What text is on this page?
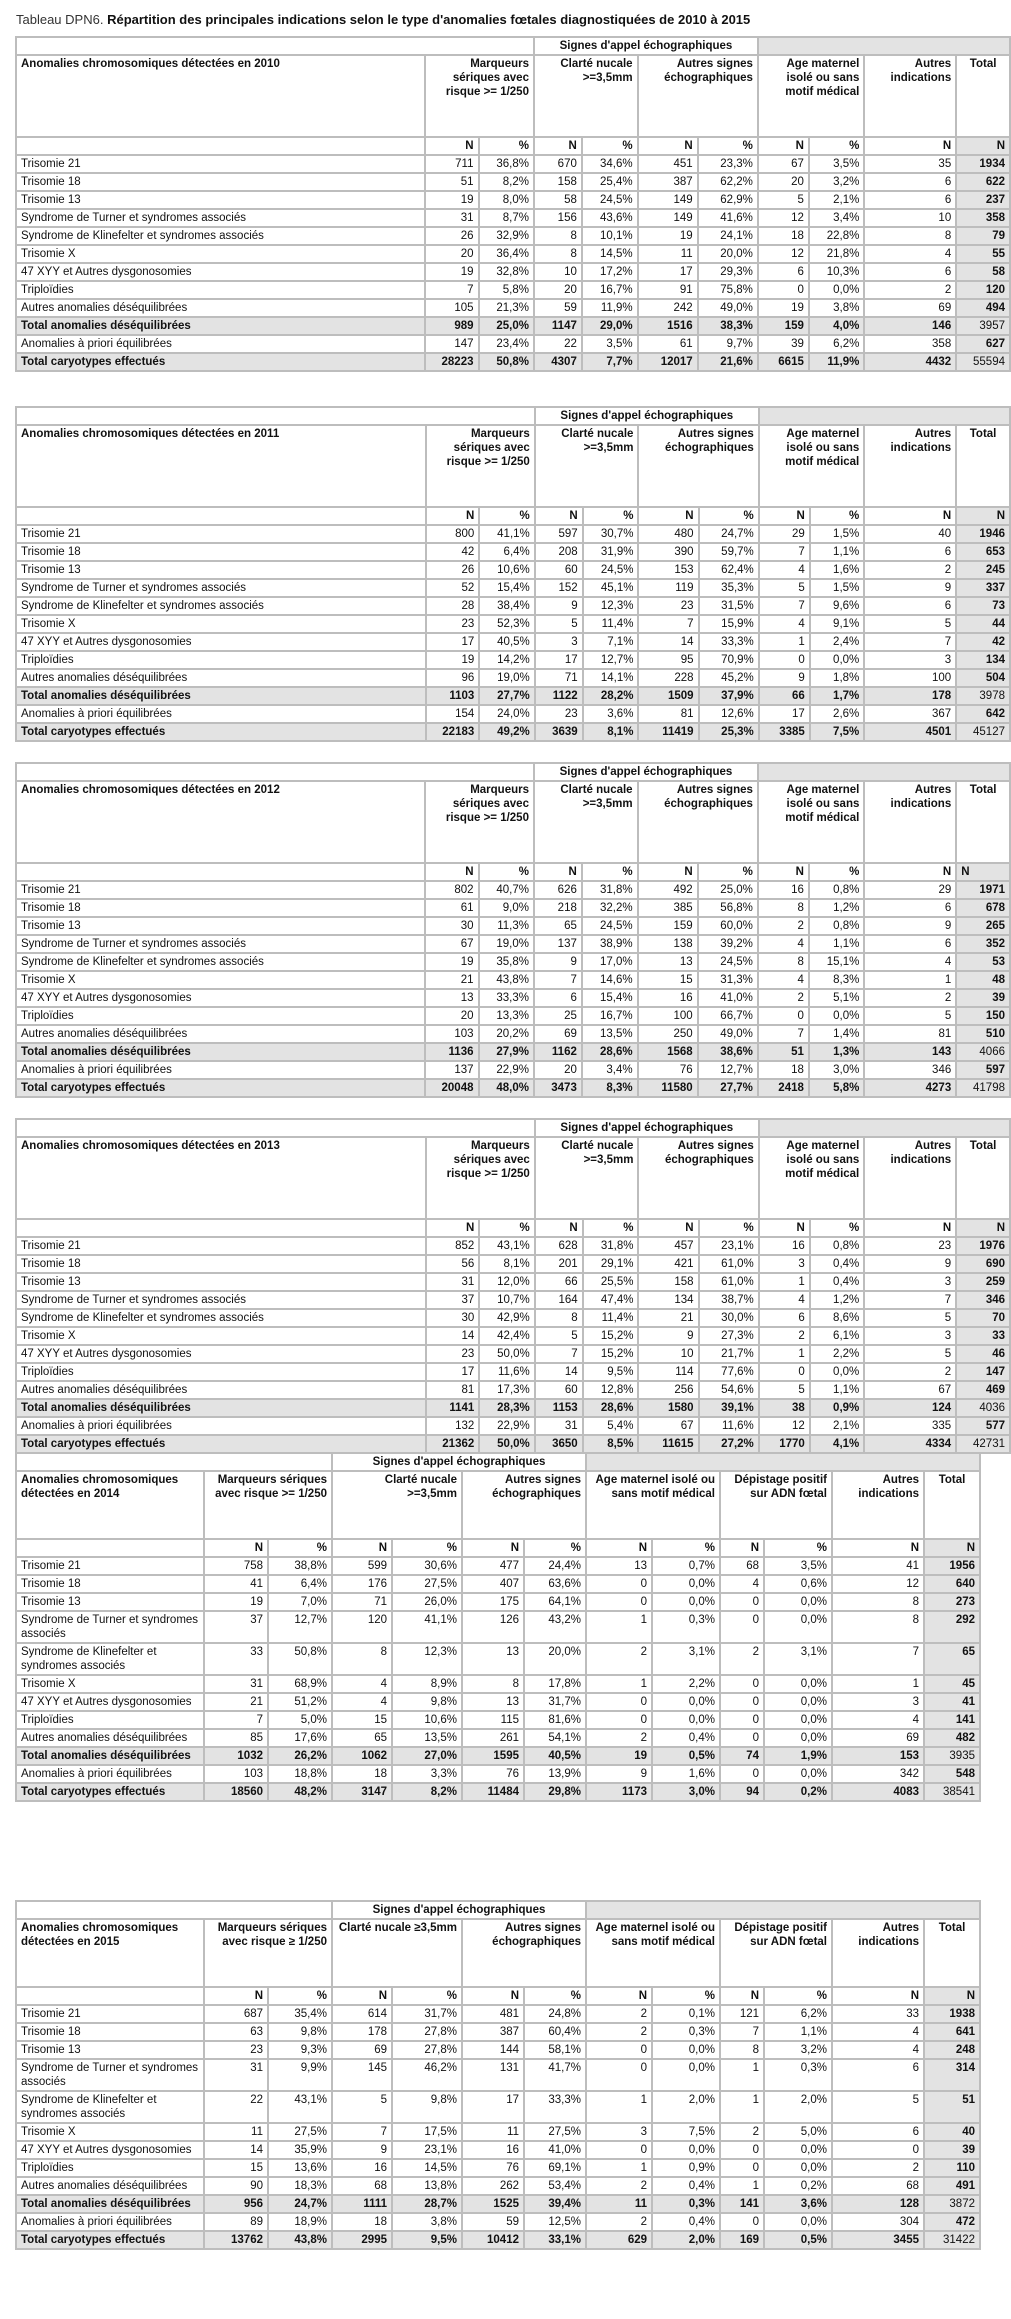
Tableau DPN6. Répartition des principales indications selon le type d'anomalies fœtales diagnostiquées de 2010 à 2015
			Signes d'appel échographiques							
Anomalies chromosomiques détectées en 2010	Marqueurs sériques avec risque >= 1/250		Clarté nucale >=3,5mm		Autres signes échographiques		Age maternel isolé ou sans motif médical		Autres indications	Total
	N	%	N	%	N	%	N	%	N	N
Trisomie 21	711	36,8%	670	34,6%	451	23,3%	67	3,5%	35	1934
Trisomie 18	51	8,2%	158	25,4%	387	62,2%	20	3,2%	6	622
Trisomie 13	19	8,0%	58	24,5%	149	62,9%	5	2,1%	6	237
Syndrome de Turner et syndromes associés	31	8,7%	156	43,6%	149	41,6%	12	3,4%	10	358
Syndrome de Klinefelter et syndromes associés	26	32,9%	8	10,1%	19	24,1%	18	22,8%	8	79
Trisomie X	20	36,4%	8	14,5%	11	20,0%	12	21,8%	4	55
47 XYY et Autres dysgonosomies	19	32,8%	10	17,2%	17	29,3%	6	10,3%	6	58
Triploïdies	7	5,8%	20	16,7%	91	75,8%	0	0,0%	2	120
Autres anomalies déséquilibrées	105	21,3%	59	11,9%	242	49,0%	19	3,8%	69	494
Total anomalies déséquilibrées	989	25,0%	1147	29,0%	1516	38,3%	159	4,0%	146	3957
Anomalies à priori équilibrées	147	23,4%	22	3,5%	61	9,7%	39	6,2%	358	627
Total caryotypes effectués	28223	50,8%	4307	7,7%	12017	21,6%	6615	11,9%	4432	55594
			Signes d'appel échographiques							
Anomalies chromosomiques détectées en 2011	Marqueurs sériques avec risque >= 1/250		Clarté nucale >=3,5mm		Autres signes échographiques		Age maternel isolé ou sans motif médical		Autres indications	Total
	N	%	N	%	N	%	N	%	N	N
Trisomie 21	800	41,1%	597	30,7%	480	24,7%	29	1,5%	40	1946
Trisomie 18	42	6,4%	208	31,9%	390	59,7%	7	1,1%	6	653
Trisomie 13	26	10,6%	60	24,5%	153	62,4%	4	1,6%	2	245
Syndrome de Turner et syndromes associés	52	15,4%	152	45,1%	119	35,3%	5	1,5%	9	337
Syndrome de Klinefelter et syndromes associés	28	38,4%	9	12,3%	23	31,5%	7	9,6%	6	73
Trisomie X	23	52,3%	5	11,4%	7	15,9%	4	9,1%	5	44
47 XYY et Autres dysgonosomies	17	40,5%	3	7,1%	14	33,3%	1	2,4%	7	42
Triploïdies	19	14,2%	17	12,7%	95	70,9%	0	0,0%	3	134
Autres anomalies déséquilibrées	96	19,0%	71	14,1%	228	45,2%	9	1,8%	100	504
Total anomalies déséquilibrées	1103	27,7%	1122	28,2%	1509	37,9%	66	1,7%	178	3978
Anomalies à priori équilibrées	154	24,0%	23	3,6%	81	12,6%	17	2,6%	367	642
Total caryotypes effectués	22183	49,2%	3639	8,1%	11419	25,3%	3385	7,5%	4501	45127
			Signes d'appel échographiques							
Anomalies chromosomiques détectées en 2012	Marqueurs sériques avec risque >= 1/250		Clarté nucale >=3,5mm		Autres signes échographiques		Age maternel isolé ou sans motif médical		Autres indications	Total
	N	%	N	%	N	%	N	%	N	N
Trisomie 21	802	40,7%	626	31,8%	492	25,0%	16	0,8%	29	1971
Trisomie 18	61	9,0%	218	32,2%	385	56,8%	8	1,2%	6	678
Trisomie 13	30	11,3%	65	24,5%	159	60,0%	2	0,8%	9	265
Syndrome de Turner et syndromes associés	67	19,0%	137	38,9%	138	39,2%	4	1,1%	6	352
Syndrome de Klinefelter et syndromes associés	19	35,8%	9	17,0%	13	24,5%	8	15,1%	4	53
Trisomie X	21	43,8%	7	14,6%	15	31,3%	4	8,3%	1	48
47 XYY et Autres dysgonosomies	13	33,3%	6	15,4%	16	41,0%	2	5,1%	2	39
Triploïdies	20	13,3%	25	16,7%	100	66,7%	0	0,0%	5	150
Autres anomalies déséquilibrées	103	20,2%	69	13,5%	250	49,0%	7	1,4%	81	510
Total anomalies déséquilibrées	1136	27,9%	1162	28,6%	1568	38,6%	51	1,3%	143	4066
Anomalies à priori équilibrées	137	22,9%	20	3,4%	76	12,7%	18	3,0%	346	597
Total caryotypes effectués	20048	48,0%	3473	8,3%	11580	27,7%	2418	5,8%	4273	41798
			Signes d'appel échographiques							
Anomalies chromosomiques détectées en 2013	Marqueurs sériques avec risque >= 1/250		Clarté nucale >=3,5mm		Autres signes échographiques		Age maternel isolé ou sans motif médical		Autres indications	Total
	N	%	N	%	N	%	N	%	N	N
Trisomie 21	852	43,1%	628	31,8%	457	23,1%	16	0,8%	23	1976
Trisomie 18	56	8,1%	201	29,1%	421	61,0%	3	0,4%	9	690
Trisomie 13	31	12,0%	66	25,5%	158	61,0%	1	0,4%	3	259
Syndrome de Turner et syndromes associés	37	10,7%	164	47,4%	134	38,7%	4	1,2%	7	346
Syndrome de Klinefelter et syndromes associés	30	42,9%	8	11,4%	21	30,0%	6	8,6%	5	70
Trisomie X	14	42,4%	5	15,2%	9	27,3%	2	6,1%	3	33
47 XYY et Autres dysgonosomies	23	50,0%	7	15,2%	10	21,7%	1	2,2%	5	46
Triploïdies	17	11,6%	14	9,5%	114	77,6%	0	0,0%	2	147
Autres anomalies déséquilibrées	81	17,3%	60	12,8%	256	54,6%	5	1,1%	67	469
Total anomalies déséquilibrées	1141	28,3%	1153	28,6%	1580	39,1%	38	0,9%	124	4036
Anomalies à priori équilibrées	132	22,9%	31	5,4%	67	11,6%	12	2,1%	335	577
Total caryotypes effectués	21362	50,0%	3650	8,5%	11615	27,2%	1770	4,1%	4334	42731
			Signes d'appel échographiques									
Anomalies chromosomiques détectées en 2014	Marqueurs sériques avec risque >= 1/250		Clarté nucale >=3,5mm		Autres signes échographiques		Age maternel isolé ou sans motif médical		Dépistage positif sur ADN fœtal		Autres indications	Total
	N	%	N	%	N	%	N	%	N	%	N	N
Trisomie 21	758	38,8%	599	30,6%	477	24,4%	13	0,7%	68	3,5%	41	1956
Trisomie 18	41	6,4%	176	27,5%	407	63,6%	0	0,0%	4	0,6%	12	640
Trisomie 13	19	7,0%	71	26,0%	175	64,1%	0	0,0%	0	0,0%	8	273
Syndrome de Turner et syndromes associés	37	12,7%	120	41,1%	126	43,2%	1	0,3%	0	0,0%	8	292
Syndrome de Klinefelter et syndromes associés	33	50,8%	8	12,3%	13	20,0%	2	3,1%	2	3,1%	7	65
Trisomie X	31	68,9%	4	8,9%	8	17,8%	1	2,2%	0	0,0%	1	45
47 XYY et Autres dysgonosomies	21	51,2%	4	9,8%	13	31,7%	0	0,0%	0	0,0%	3	41
Triploïdies	7	5,0%	15	10,6%	115	81,6%	0	0,0%	0	0,0%	4	141
Autres anomalies déséquilibrées	85	17,6%	65	13,5%	261	54,1%	2	0,4%	0	0,0%	69	482
Total anomalies déséquilibrées	1032	26,2%	1062	27,0%	1595	40,5%	19	0,5%	74	1,9%	153	3935
Anomalies à priori équilibrées	103	18,8%	18	3,3%	76	13,9%	9	1,6%	0	0,0%	342	548
Total caryotypes effectués	18560	48,2%	3147	8,2%	11484	29,8%	1173	3,0%	94	0,2%	4083	38541
			Signes d'appel échographiques									
Anomalies chromosomiques détectées en 2015	Marqueurs sériques avec risque ≥ 1/250		Clarté nucale ≥3,5mm		Autres signes échographiques		Age maternel isolé ou sans motif médical		Dépistage positif sur ADN fœtal		Autres indications	Total
	N	%	N	%	N	%	N	%	N	%	N	N
Trisomie 21	687	35,4%	614	31,7%	481	24,8%	2	0,1%	121	6,2%	33	1938
Trisomie 18	63	9,8%	178	27,8%	387	60,4%	2	0,3%	7	1,1%	4	641
Trisomie 13	23	9,3%	69	27,8%	144	58,1%	0	0,0%	8	3,2%	4	248
Syndrome de Turner et syndromes associés	31	9,9%	145	46,2%	131	41,7%	0	0,0%	1	0,3%	6	314
Syndrome de Klinefelter et syndromes associés	22	43,1%	5	9,8%	17	33,3%	1	2,0%	1	2,0%	5	51
Trisomie X	11	27,5%	7	17,5%	11	27,5%	3	7,5%	2	5,0%	6	40
47 XYY et Autres dysgonosomies	14	35,9%	9	23,1%	16	41,0%	0	0,0%	0	0,0%	0	39
Triploïdies	15	13,6%	16	14,5%	76	69,1%	1	0,9%	0	0,0%	2	110
Autres anomalies déséquilibrées	90	18,3%	68	13,8%	262	53,4%	2	0,4%	1	0,2%	68	491
Total anomalies déséquilibrées	956	24,7%	1111	28,7%	1525	39,4%	11	0,3%	141	3,6%	128	3872
Anomalies à priori équilibrées	89	18,9%	18	3,8%	59	12,5%	2	0,4%	0	0,0%	304	472
Total caryotypes effectués	13762	43,8%	2995	9,5%	10412	33,1%	629	2,0%	169	0,5%	3455	31422
